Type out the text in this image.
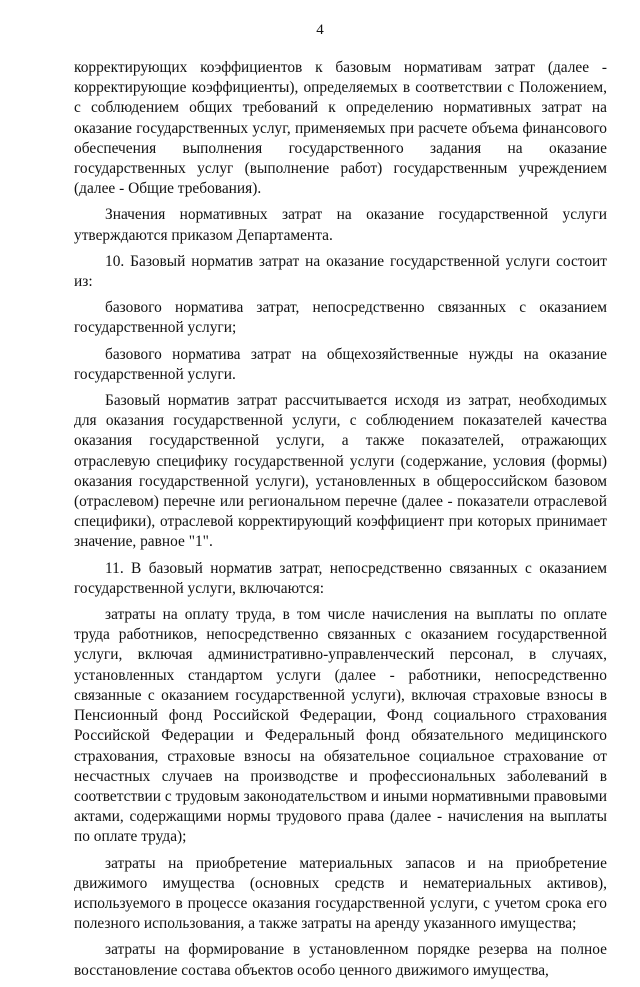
4

корректирующих коэффициентов к базовым нормативам затрат (далее - корректирующие коэффициенты), определяемых в соответствии с Положением, с соблюдением общих требований к определению нормативных затрат на оказание государственных услуг, применяемых при расчете объема финансового обеспечения выполнения государственного задания на оказание государственных услуг (выполнение работ) государственным учреждением (далее - Общие требования).

Значения нормативных затрат на оказание государственной услуги утверждаются приказом Департамента.

10. Базовый норматив затрат на оказание государственной услуги состоит из:

базового норматива затрат, непосредственно связанных с оказанием государственной услуги;

базового норматива затрат на общехозяйственные нужды на оказание государственной услуги.

Базовый норматив затрат рассчитывается исходя из затрат, необходимых для оказания государственной услуги, с соблюдением показателей качества оказания государственной услуги, а также показателей, отражающих отраслевую специфику государственной услуги (содержание, условия (формы) оказания государственной услуги), установленных в общероссийском базовом (отраслевом) перечне или региональном перечне (далее - показатели отраслевой специфики), отраслевой корректирующий коэффициент при которых принимает значение, равное "1".

11. В базовый норматив затрат, непосредственно связанных с оказанием государственной услуги, включаются:

затраты на оплату труда, в том числе начисления на выплаты по оплате труда работников, непосредственно связанных с оказанием государственной услуги, включая административно-управленческий персонал, в случаях, установленных стандартом услуги (далее - работники, непосредственно связанные с оказанием государственной услуги), включая страховые взносы в Пенсионный фонд Российской Федерации, Фонд социального страхования Российской Федерации и Федеральный фонд обязательного медицинского страхования, страховые взносы на обязательное социальное страхование от несчастных случаев на производстве и профессиональных заболеваний в соответствии с трудовым законодательством и иными нормативными правовыми актами, содержащими нормы трудового права (далее - начисления на выплаты по оплате труда);

затраты на приобретение материальных запасов и на приобретение движимого имущества (основных средств и нематериальных активов), используемого в процессе оказания государственной услуги, с учетом срока его полезного использования, а также затраты на аренду указанного имущества;

затраты на формирование в установленном порядке резерва на полное восстановление состава объектов особо ценного движимого имущества,
